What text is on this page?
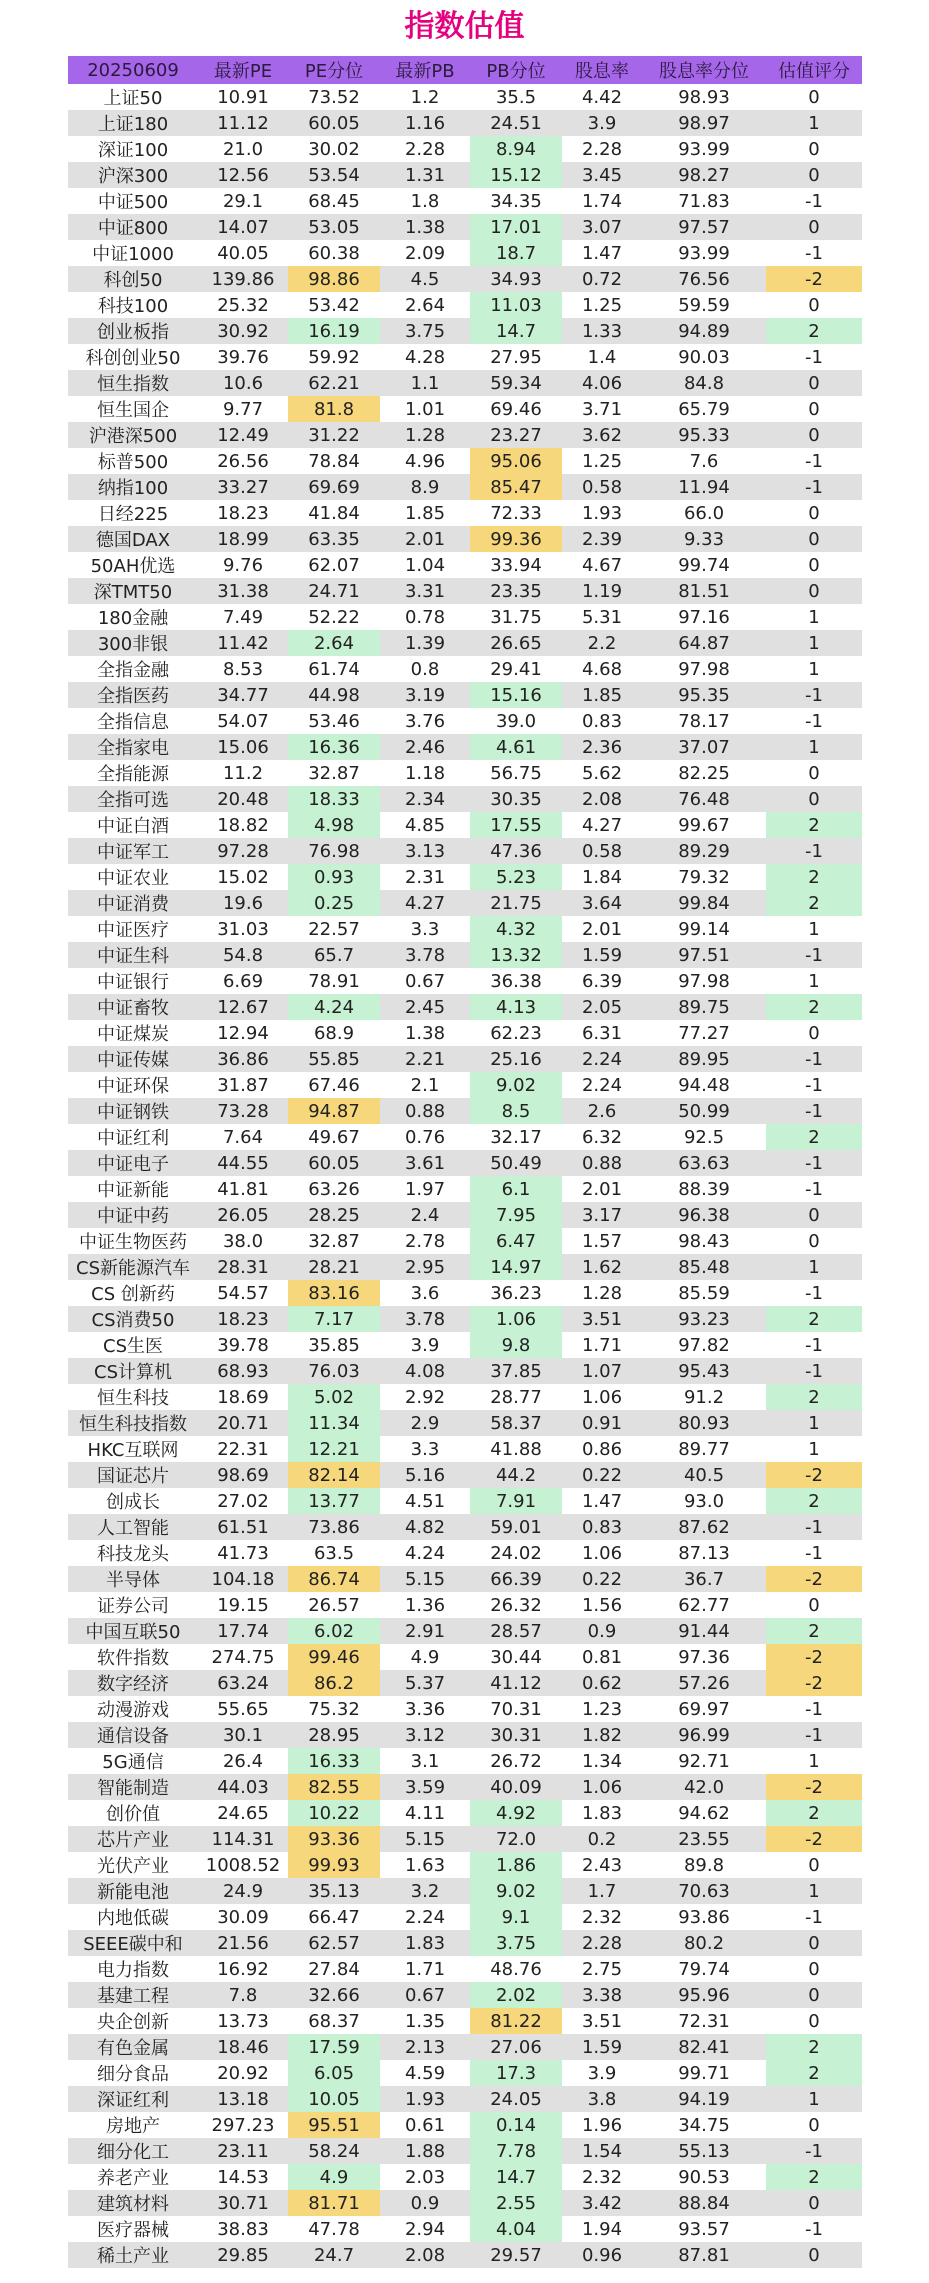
指数估值
20250609	最新PE	PE分位	最新PB	PB分位	股息率	股息率分位	估值评分
上证50	10.91	73.52	1.2	35.5	4.42	98.93	0
上证180	11.12	60.05	1.16	24.51	3.9	98.97	1
深证100	21.0	30.02	2.28	8.94	2.28	93.99	0
沪深300	12.56	53.54	1.31	15.12	3.45	98.27	0
中证500	29.1	68.45	1.8	34.35	1.74	71.83	-1
中证800	14.07	53.05	1.38	17.01	3.07	97.57	0
中证1000	40.05	60.38	2.09	18.7	1.47	93.99	-1
科创50	139.86	98.86	4.5	34.93	0.72	76.56	-2
科技100	25.32	53.42	2.64	11.03	1.25	59.59	0
创业板指	30.92	16.19	3.75	14.7	1.33	94.89	2
科创创业50	39.76	59.92	4.28	27.95	1.4	90.03	-1
恒生指数	10.6	62.21	1.1	59.34	4.06	84.8	0
恒生国企	9.77	81.8	1.01	69.46	3.71	65.79	0
沪港深500	12.49	31.22	1.28	23.27	3.62	95.33	0
标普500	26.56	78.84	4.96	95.06	1.25	7.6	-1
纳指100	33.27	69.69	8.9	85.47	0.58	11.94	-1
日经225	18.23	41.84	1.85	72.33	1.93	66.0	0
德国DAX	18.99	63.35	2.01	99.36	2.39	9.33	0
50AH优选	9.76	62.07	1.04	33.94	4.67	99.74	0
深TMT50	31.38	24.71	3.31	23.35	1.19	81.51	0
180金融	7.49	52.22	0.78	31.75	5.31	97.16	1
300非银	11.42	2.64	1.39	26.65	2.2	64.87	1
全指金融	8.53	61.74	0.8	29.41	4.68	97.98	1
全指医药	34.77	44.98	3.19	15.16	1.85	95.35	-1
全指信息	54.07	53.46	3.76	39.0	0.83	78.17	-1
全指家电	15.06	16.36	2.46	4.61	2.36	37.07	1
全指能源	11.2	32.87	1.18	56.75	5.62	82.25	0
全指可选	20.48	18.33	2.34	30.35	2.08	76.48	0
中证白酒	18.82	4.98	4.85	17.55	4.27	99.67	2
中证军工	97.28	76.98	3.13	47.36	0.58	89.29	-1
中证农业	15.02	0.93	2.31	5.23	1.84	79.32	2
中证消费	19.6	0.25	4.27	21.75	3.64	99.84	2
中证医疗	31.03	22.57	3.3	4.32	2.01	99.14	1
中证生科	54.8	65.7	3.78	13.32	1.59	97.51	-1
中证银行	6.69	78.91	0.67	36.38	6.39	97.98	1
中证畜牧	12.67	4.24	2.45	4.13	2.05	89.75	2
中证煤炭	12.94	68.9	1.38	62.23	6.31	77.27	0
中证传媒	36.86	55.85	2.21	25.16	2.24	89.95	-1
中证环保	31.87	67.46	2.1	9.02	2.24	94.48	-1
中证钢铁	73.28	94.87	0.88	8.5	2.6	50.99	-1
中证红利	7.64	49.67	0.76	32.17	6.32	92.5	2
中证电子	44.55	60.05	3.61	50.49	0.88	63.63	-1
中证新能	41.81	63.26	1.97	6.1	2.01	88.39	-1
中证中药	26.05	28.25	2.4	7.95	3.17	96.38	0
中证生物医药	38.0	32.87	2.78	6.47	1.57	98.43	0
CS新能源汽车	28.31	28.21	2.95	14.97	1.62	85.48	1
CS 创新药	54.57	83.16	3.6	36.23	1.28	85.59	-1
CS消费50	18.23	7.17	3.78	1.06	3.51	93.23	2
CS生医	39.78	35.85	3.9	9.8	1.71	97.82	-1
CS计算机	68.93	76.03	4.08	37.85	1.07	95.43	-1
恒生科技	18.69	5.02	2.92	28.77	1.06	91.2	2
恒生科技指数	20.71	11.34	2.9	58.37	0.91	80.93	1
HKC互联网	22.31	12.21	3.3	41.88	0.86	89.77	1
国证芯片	98.69	82.14	5.16	44.2	0.22	40.5	-2
创成长	27.02	13.77	4.51	7.91	1.47	93.0	2
人工智能	61.51	73.86	4.82	59.01	0.83	87.62	-1
科技龙头	41.73	63.5	4.24	24.02	1.06	87.13	-1
半导体	104.18	86.74	5.15	66.39	0.22	36.7	-2
证券公司	19.15	26.57	1.36	26.32	1.56	62.77	0
中国互联50	17.74	6.02	2.91	28.57	0.9	91.44	2
软件指数	274.75	99.46	4.9	30.44	0.81	97.36	-2
数字经济	63.24	86.2	5.37	41.12	0.62	57.26	-2
动漫游戏	55.65	75.32	3.36	70.31	1.23	69.97	-1
通信设备	30.1	28.95	3.12	30.31	1.82	96.99	-1
5G通信	26.4	16.33	3.1	26.72	1.34	92.71	1
智能制造	44.03	82.55	3.59	40.09	1.06	42.0	-2
创价值	24.65	10.22	4.11	4.92	1.83	94.62	2
芯片产业	114.31	93.36	5.15	72.0	0.2	23.55	-2
光伏产业	1008.52	99.93	1.63	1.86	2.43	89.8	0
新能电池	24.9	35.13	3.2	9.02	1.7	70.63	1
内地低碳	30.09	66.47	2.24	9.1	2.32	93.86	-1
SEEE碳中和	21.56	62.57	1.83	3.75	2.28	80.2	0
电力指数	16.92	27.84	1.71	48.76	2.75	79.74	0
基建工程	7.8	32.66	0.67	2.02	3.38	95.96	0
央企创新	13.73	68.37	1.35	81.22	3.51	72.31	0
有色金属	18.46	17.59	2.13	27.06	1.59	82.41	2
细分食品	20.92	6.05	4.59	17.3	3.9	99.71	2
深证红利	13.18	10.05	1.93	24.05	3.8	94.19	1
房地产	297.23	95.51	0.61	0.14	1.96	34.75	0
细分化工	23.11	58.24	1.88	7.78	1.54	55.13	-1
养老产业	14.53	4.9	2.03	14.7	2.32	90.53	2
建筑材料	30.71	81.71	0.9	2.55	3.42	88.84	0
医疗器械	38.83	47.78	2.94	4.04	1.94	93.57	-1
稀土产业	29.85	24.7	2.08	29.57	0.96	87.81	0
